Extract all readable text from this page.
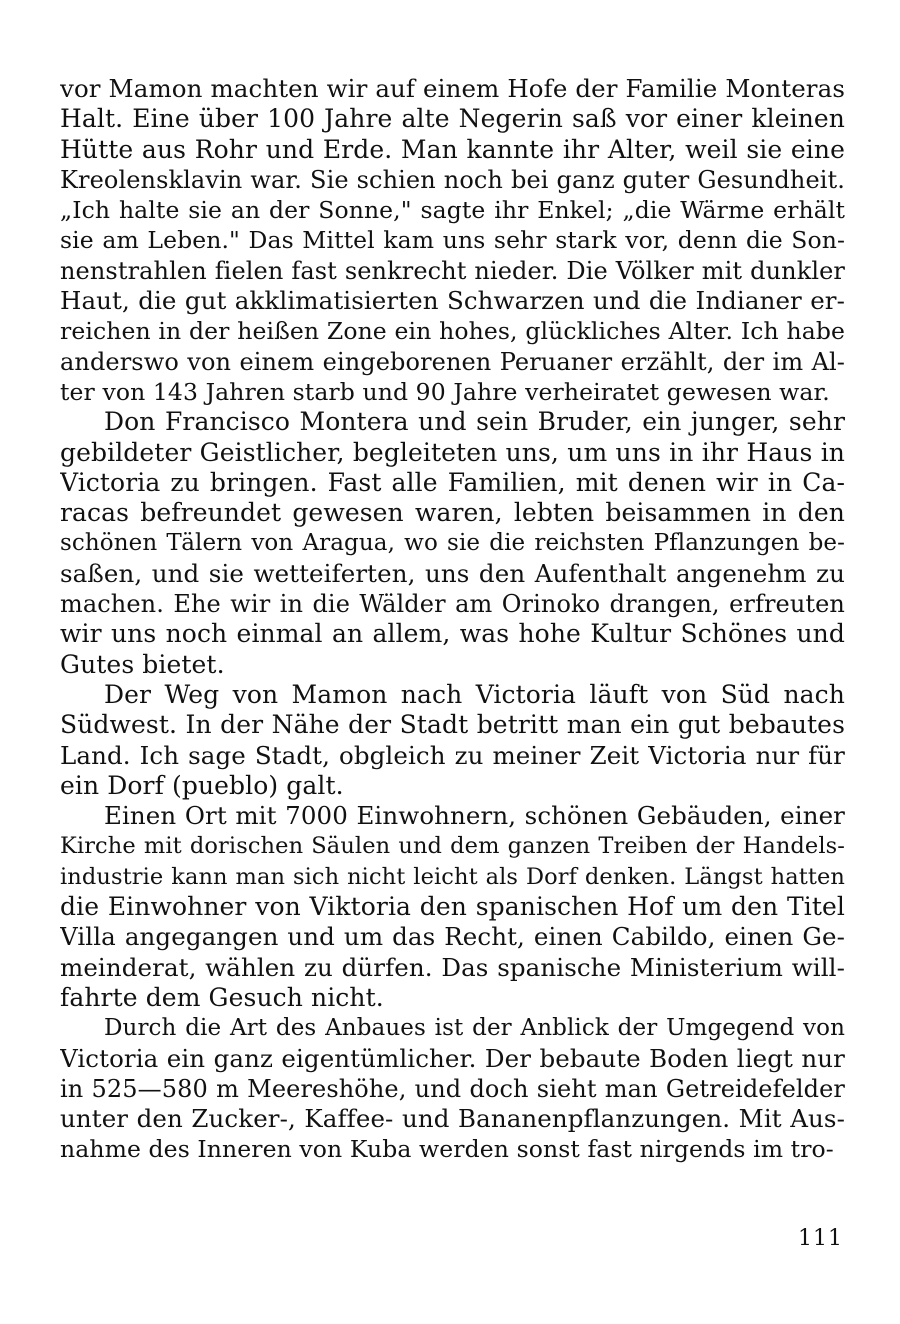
vor Mamon machten wir auf einem Hofe der Familie Monteras
Halt. Eine über 100 Jahre alte Negerin saß vor einer kleinen
Hütte aus Rohr und Erde. Man kannte ihr Alter, weil sie eine
Kreolensklavin war. Sie schien noch bei ganz guter Gesundheit.
„Ich halte sie an der Sonne," sagte ihr Enkel; „die Wärme erhält
sie am Leben." Das Mittel kam uns sehr stark vor, denn die Son-
nenstrahlen fielen fast senkrecht nieder. Die Völker mit dunkler
Haut, die gut akklimatisierten Schwarzen und die Indianer er-
reichen in der heißen Zone ein hohes, glückliches Alter. Ich habe
anderswo von einem eingeborenen Peruaner erzählt, der im Al-
ter von 143 Jahren starb und 90 Jahre verheiratet gewesen war.
Don Francisco Montera und sein Bruder, ein junger, sehr
gebildeter Geistlicher, begleiteten uns, um uns in ihr Haus in
Victoria zu bringen. Fast alle Familien, mit denen wir in Ca-
racas befreundet gewesen waren, lebten beisammen in den
schönen Tälern von Aragua, wo sie die reichsten Pflanzungen be-
saßen, und sie wetteiferten, uns den Aufenthalt angenehm zu
machen. Ehe wir in die Wälder am Orinoko drangen, erfreuten
wir uns noch einmal an allem, was hohe Kultur Schönes und
Gutes bietet.
Der Weg von Mamon nach Victoria läuft von Süd nach
Südwest. In der Nähe der Stadt betritt man ein gut bebautes
Land. Ich sage Stadt, obgleich zu meiner Zeit Victoria nur für
ein Dorf (pueblo) galt.
Einen Ort mit 7000 Einwohnern, schönen Gebäuden, einer
Kirche mit dorischen Säulen und dem ganzen Treiben der Handels-
industrie kann man sich nicht leicht als Dorf denken. Längst hatten
die Einwohner von Viktoria den spanischen Hof um den Titel
Villa angegangen und um das Recht, einen Cabildo, einen Ge-
meinderat, wählen zu dürfen. Das spanische Ministerium will-
fahrte dem Gesuch nicht.
Durch die Art des Anbaues ist der Anblick der Umgegend von
Victoria ein ganz eigentümlicher. Der bebaute Boden liegt nur
in 525—580 m Meereshöhe, und doch sieht man Getreidefelder
unter den Zucker-, Kaffee- und Bananenpflanzungen. Mit Aus-
nahme des Inneren von Kuba werden sonst fast nirgends im tro-
111
